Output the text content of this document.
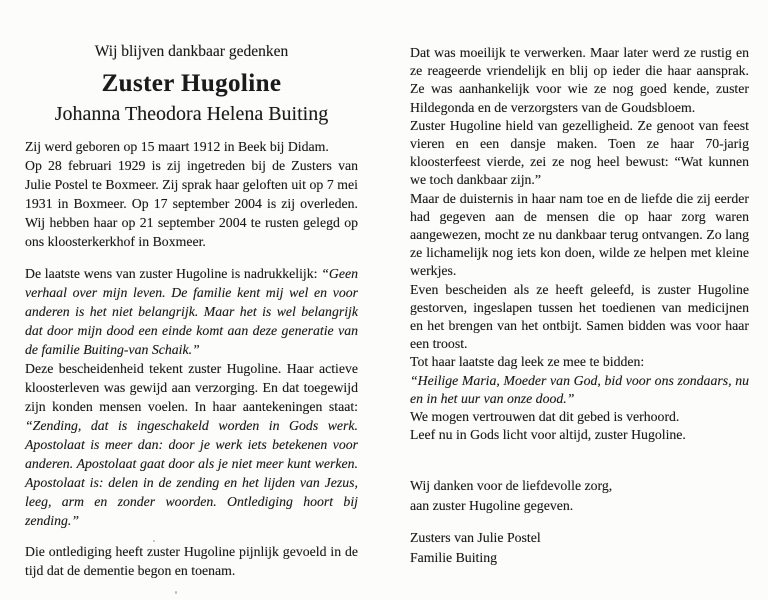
Wij blijven dankbaar gedenken
Zuster Hugoline
Johanna Theodora Helena Buiting

Zij werd geboren op 15 maart 1912 in Beek bij Didam.

Op 28 februari 1929 is zij ingetreden bij de Zusters van Julie Postel te Boxmeer. Zij sprak haar geloften uit op 7 mei 1931 in Boxmeer. Op 17 september 2004 is zij overleden. Wij hebben haar op 21 september 2004 te rusten gelegd op ons kloosterkerkhof in Boxmeer.

De laatste wens van zuster Hugoline is nadrukkelijk: “Geen verhaal over mijn leven. De familie kent mij wel en voor anderen is het niet belangrijk. Maar het is wel belangrijk dat door mijn dood een einde komt aan deze generatie van de familie Buiting-van Schaik.”

Deze bescheidenheid tekent zuster Hugoline. Haar actieve kloosterleven was gewijd aan verzorging. En dat toegewijd zijn konden mensen voelen. In haar aantekeningen staat: “Zending, dat is ingeschakeld worden in Gods werk. Apostolaat is meer dan: door je werk iets betekenen voor anderen. Apostolaat gaat door als je niet meer kunt werken. Apostolaat is: delen in de zending en het lijden van Jezus, leeg, arm en zonder woorden. Ontlediging hoort bij zending.”

Die ontlediging heeft zuster Hugoline pijnlijk gevoeld in de tijd dat de dementie begon en toenam.

Dat was moeilijk te verwerken. Maar later werd ze rustig en ze reageerde vriendelijk en blij op ieder die haar aansprak. Ze was aanhankelijk voor wie ze nog goed kende, zuster Hildegonda en de verzorgsters van de Goudsbloem.

Zuster Hugoline hield van gezelligheid. Ze genoot van feest vieren en een dansje maken. Toen ze haar 70-jarig kloosterfeest vierde, zei ze nog heel bewust: “Wat kunnen we toch dankbaar zijn.”

Maar de duisternis in haar nam toe en de liefde die zij eerder had gegeven aan de mensen die op haar zorg waren aangewezen, mocht ze nu dankbaar terug ontvangen. Zo lang ze lichamelijk nog iets kon doen, wilde ze helpen met kleine werkjes.

Even bescheiden als ze heeft geleefd, is zuster Hugoline gestorven, ingeslapen tussen het toedienen van medicijnen en het brengen van het ontbijt. Samen bidden was voor haar een troost.

Tot haar laatste dag leek ze mee te bidden:

“Heilige Maria, Moeder van God, bid voor ons zondaars, nu en in het uur van onze dood.”

We mogen vertrouwen dat dit gebed is verhoord.

Leef nu in Gods licht voor altijd, zuster Hugoline.

Wij danken voor de liefdevolle zorg,
aan zuster Hugoline gegeven.

Zusters van Julie Postel
Familie Buiting
